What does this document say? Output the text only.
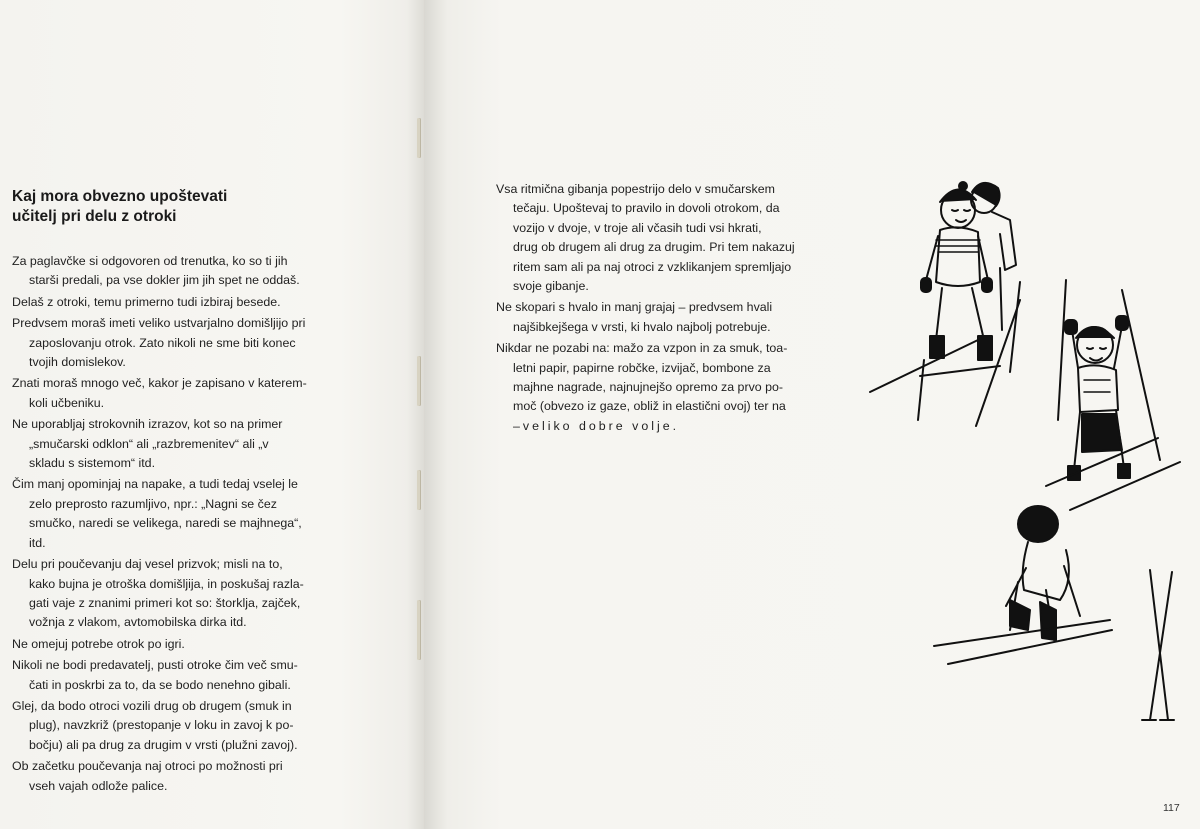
Kaj mora obvezno upoštevati
učitelj pri delu z otroki
Za paglavčke si odgovoren od trenutka, ko so ti jih
starši predali, pa vse dokler jim jih spet ne oddaš.
Delaš z otroki, temu primerno tudi izbiraj besede.
Predvsem moraš imeti veliko ustvarjalno domišljijo pri
zaposlovanju otrok. Zato nikoli ne sme biti konec
tvojih domislekov.
Znati moraš mnogo več, kakor je zapisano v katerem-
koli učbeniku.
Ne uporabljaj strokovnih izrazov, kot so na primer
„smučarski odklon“ ali „razbremenitev“ ali „v
skladu s sistemom“ itd.
Čim manj opominjaj na napake, a tudi tedaj vselej le
zelo preprosto razumljivo, npr.: „Nagni se čez
smučko, naredi se velikega, naredi se majhnega“,
itd.
Delu pri poučevanju daj vesel prizvok; misli na to,
kako bujna je otroška domišljija, in poskušaj razla-
gati vaje z znanimi primeri kot so: štorklja, zajček,
vožnja z vlakom, avtomobilska dirka itd.
Ne omejuj potrebe otrok po igri.
Nikoli ne bodi predavatelj, pusti otroke čim več smu-
čati in poskrbi za to, da se bodo nenehno gibali.
Glej, da bodo otroci vozili drug ob drugem (smuk in
plug), navzkriž (prestopanje v loku in zavoj k po-
bočju) ali pa drug za drugim v vrsti (plužni zavoj).
Ob začetku poučevanja naj otroci po možnosti pri
vseh vajah odlože palice.
Vsa ritmična gibanja popestrijo delo v smučarskem
tečaju. Upoštevaj to pravilo in dovoli otrokom, da
vozijo v dvoje, v troje ali včasih tudi vsi hkrati,
drug ob drugem ali drug za drugim. Pri tem nakazuj
ritem sam ali pa naj otroci z vzklikanjem spremljajo
svoje gibanje.
Ne skopari s hvalo in manj grajaj – predvsem hvali
najšibkejšega v vrsti, ki hvalo najbolj potrebuje.
Nikdar ne pozabi na: mažo za vzpon in za smuk, toa-
letni papir, papirne robčke, izvijač, bombone za
majhne nagrade, najnujnejšo opremo za prvo po-
moč (obvezo iz gaze, obliž in elastični ovoj) ter na
–veliko dobre volje.
117
